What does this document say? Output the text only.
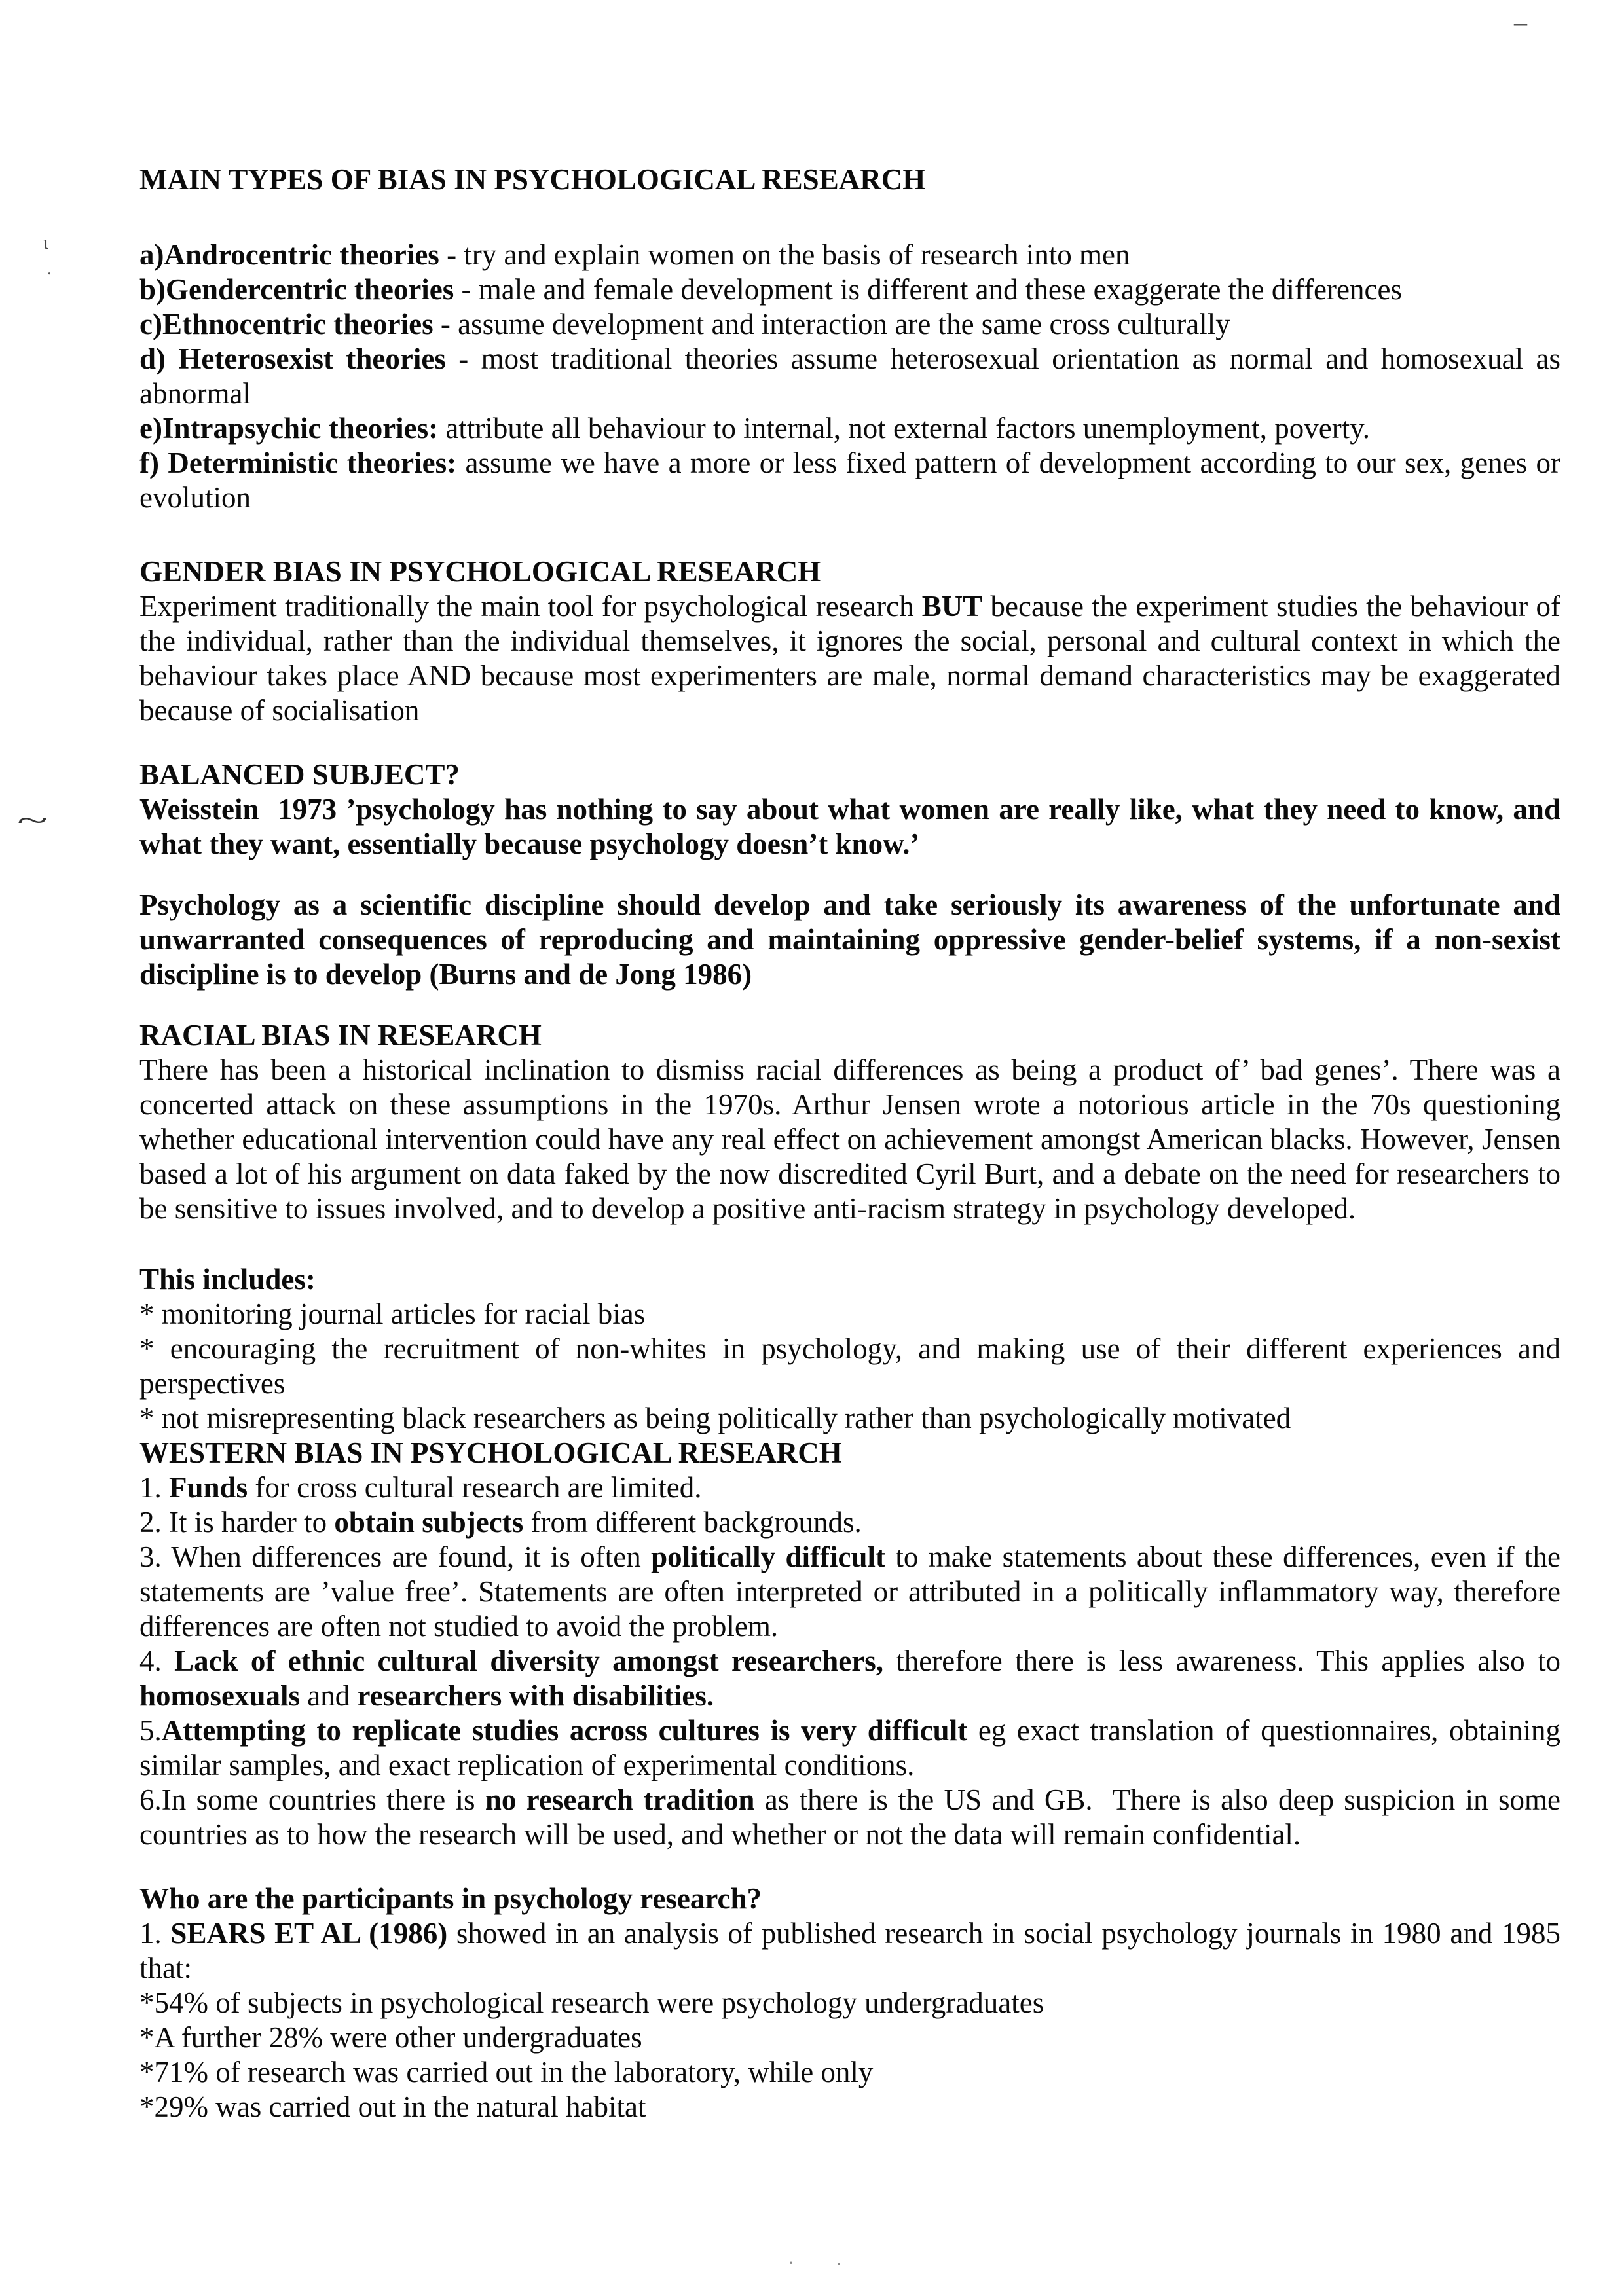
–
ι
.
~
· ·
MAIN TYPES OF BIAS IN PSYCHOLOGICAL RESEARCH
a)Androcentric theories - try and explain women on the basis of research into men
b)Gendercentric theories - male and female development is different and these exaggerate the differences
c)Ethnocentric theories - assume development and interaction are the same cross culturally
d) Heterosexist theories - most traditional theories assume heterosexual orientation as normal and homosexual as abnormal
e)Intrapsychic theories: attribute all behaviour to internal, not external factors unemployment, poverty.
f) Deterministic theories: assume we have a more or less fixed pattern of development according to our sex, genes or evolution
GENDER BIAS IN PSYCHOLOGICAL RESEARCH
Experiment traditionally the main tool for psychological research BUT because the experiment studies the behaviour of the individual, rather than the individual themselves, it ignores the social, personal and cultural context in which the behaviour takes place AND because most experimenters are male, normal demand characteristics may be exaggerated because of socialisation
BALANCED SUBJECT?
Weisstein  1973 ’psychology has nothing to say about what women are really like, what they need to know, and what they want, essentially because psychology doesn’t know.’
Psychology as a scientific discipline should develop and take seriously its awareness of the unfortunate and unwarranted consequences of reproducing and maintaining oppressive gender-belief systems, if a non-sexist discipline is to develop (Burns and de Jong 1986)
RACIAL BIAS IN RESEARCH
There has been a historical inclination to dismiss racial differences as being a product of’ bad genes’. There was a concerted attack on these assumptions in the 1970s. Arthur Jensen wrote a notorious article in the 70s questioning whether educational intervention could have any real effect on achievement amongst American blacks. However, Jensen based a lot of his argument on data faked by the now discredited Cyril Burt, and a debate on the need for researchers to be sensitive to issues involved, and to develop a positive anti-racism strategy in psychology developed.
This includes:
* monitoring journal articles for racial bias
* encouraging the recruitment of non-whites in psychology, and making use of their different experiences and perspectives
* not misrepresenting black researchers as being politically rather than psychologically motivated
WESTERN BIAS IN PSYCHOLOGICAL RESEARCH
1. Funds for cross cultural research are limited.
2. It is harder to obtain subjects from different backgrounds.
3. When differences are found, it is often politically difficult to make statements about these differences, even if the statements are ’value free’. Statements are often interpreted or attributed in a politically inflammatory way, therefore differences are often not studied to avoid the problem.
4. Lack of ethnic cultural diversity amongst researchers, therefore there is less awareness. This applies also to homosexuals and researchers with disabilities.
5.Attempting to replicate studies across cultures is very difficult eg exact translation of questionnaires, obtaining similar samples, and exact replication of experimental conditions.
6.In some countries there is no research tradition as there is the US and GB.  There is also deep suspicion in some countries as to how the research will be used, and whether or not the data will remain confidential.
Who are the participants in psychology research?
1. SEARS ET AL (1986) showed in an analysis of published research in social psychology journals in 1980 and 1985 that:
*54% of subjects in psychological research were psychology undergraduates
*A further 28% were other undergraduates
*71% of research was carried out in the laboratory, while only
*29% was carried out in the natural habitat
